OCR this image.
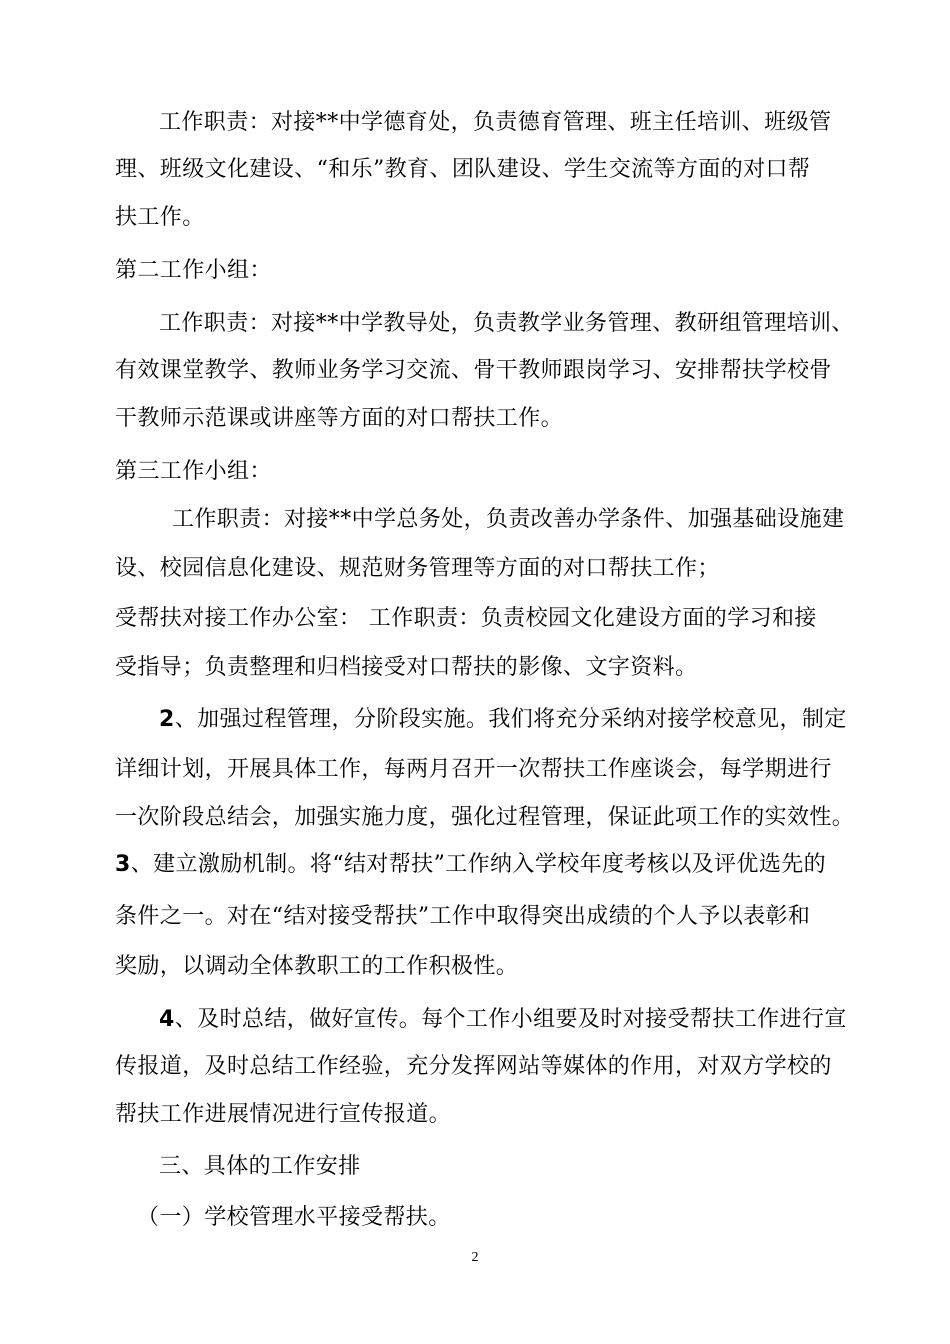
工作职责：对接**中学德育处，负责德育管理、班主任培训、班级管
理、班级文化建设、“和乐”教育、团队建设、学生交流等方面的对口帮
扶工作。
第二工作小组：
工作职责：对接**中学教导处，负责教学业务管理、教研组管理培训、
有效课堂教学、教师业务学习交流、骨干教师跟岗学习、安排帮扶学校骨
干教师示范课或讲座等方面的对口帮扶工作。
第三工作小组：
工作职责：对接**中学总务处，负责改善办学条件、加强基础设施建
设、校园信息化建设、规范财务管理等方面的对口帮扶工作；
受帮扶对接工作办公室： 工作职责：负责校园文化建设方面的学习和接
受指导；负责整理和归档接受对口帮扶的影像、文字资料。
2、加强过程管理，分阶段实施。我们将充分采纳对接学校意见，制定
详细计划，开展具体工作，每两月召开一次帮扶工作座谈会，每学期进行
一次阶段总结会，加强实施力度，强化过程管理，保证此项工作的实效性。
3、建立激励机制。将“结对帮扶”工作纳入学校年度考核以及评优选先的
条件之一。对在“结对接受帮扶”工作中取得突出成绩的个人予以表彰和
奖励，以调动全体教职工的工作积极性。
4、及时总结，做好宣传。每个工作小组要及时对接受帮扶工作进行宣
传报道，及时总结工作经验，充分发挥网站等媒体的作用，对双方学校的
帮扶工作进展情况进行宣传报道。
三、具体的工作安排
（一）学校管理水平接受帮扶。
2
